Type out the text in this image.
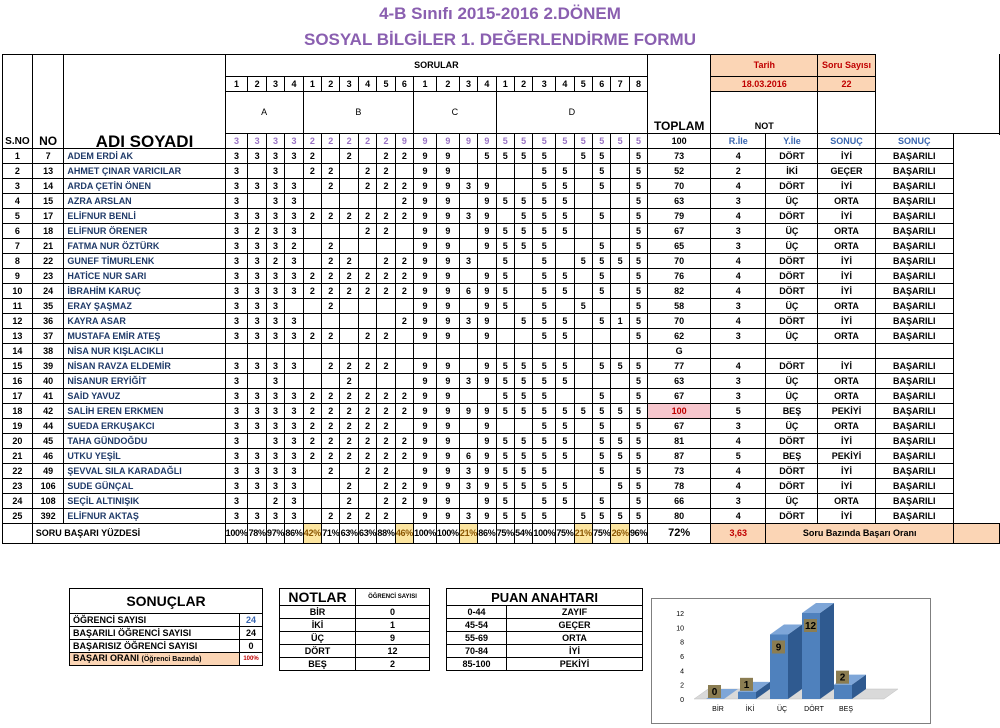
4-B Sınıfı 2015-2016 2.DÖNEM
SOSYAL BİLGİLER 1. DEĞERLENDİRME FORMU
S.NO	NO	ADI SOYADI	SORULAR																						TOPLAM	Tarih		Soru Sayısı		
			1	2	3	4	1	2	3	4	5	6	1	2	3	4	1	2	3	4	5	6	7	8		18.03.2016		22		
			A				B						C				D									NOT				

			3	3	3	3	2	2	2	2	2	9	9	9	9	9	5	5	5	5	5	5	5	5	100	R.İle	Y.İle	SONUÇ	SONUÇ	
1	7	ADEM ERDİ AK	3	3	3	3	2		2		2	2	9	9		5	5	5	5		5	5		5	73	4	DÖRT	İYİ	BAŞARILI	
2	13	AHMET ÇINAR VARICILAR	3		3		2	2		2	2		9	9					5	5		5		5	52	2	İKİ	GEÇER	BAŞARILI	
3	14	ARDA ÇETİN ÖNEN	3	3	3	3		2		2	2	2	9	9	3	9			5	5		5		5	70	4	DÖRT	İYİ	BAŞARILI	
4	15	AZRA ARSLAN	3		3	3						2	9	9		9	5	5	5	5				5	63	3	ÜÇ	ORTA	BAŞARILI	
5	17	ELİFNUR BENLİ	3	3	3	3	2	2	2	2	2	2	9	9	3	9		5	5	5		5		5	79	4	DÖRT	İYİ	BAŞARILI	
6	18	ELİFNUR ÖRENER	3	2	3	3				2	2		9	9		9	5	5	5	5				5	67	3	ÜÇ	ORTA	BAŞARILI	
7	21	FATMA NUR ÖZTÜRK	3	3	3	2		2					9	9		9	5	5	5			5		5	65	3	ÜÇ	ORTA	BAŞARILI	
8	22	GUNEF TİMURLENK	3	3	2	3		2	2		2	2	9	9	3		5		5		5	5	5	5	70	4	DÖRT	İYİ	BAŞARILI	
9	23	HATİCE NUR SARI	3	3	3	3	2	2	2	2	2	2	9	9		9	5		5	5		5		5	76	4	DÖRT	İYİ	BAŞARILI	
10	24	İBRAHİM KARUÇ	3	3	3	3	2	2	2	2	2	2	9	9	6	9	5		5	5		5		5	82	4	DÖRT	İYİ	BAŞARILI	
11	35	ERAY ŞAŞMAZ	3	3	3			2					9	9		9	5		5		5			5	58	3	ÜÇ	ORTA	BAŞARILI	
12	36	KAYRA ASAR	3	3	3	3						2	9	9	3	9		5	5	5		5	1	5	70	4	DÖRT	İYİ	BAŞARILI	
13	37	MUSTAFA EMİR ATEŞ	3	3	3	3	2	2		2	2		9	9		9			5	5				5	62	3	ÜÇ	ORTA	BAŞARILI	
14	38	NİSA NUR KIŞLACIKLI																							G					
15	39	NİSAN RAVZA ELDEMİR	3	3	3	3		2	2	2	2		9	9		9	5	5	5	5		5	5	5	77	4	DÖRT	İYİ	BAŞARILI	
16	40	NİSANUR ERYİĞİT	3		3				2				9	9	3	9	5	5	5	5				5	63	3	ÜÇ	ORTA	BAŞARILI	
17	41	SAİD YAVUZ	3	3	3	3	2	2	2	2	2	2	9	9			5	5	5			5		5	67	3	ÜÇ	ORTA	BAŞARILI	
18	42	SALİH EREN ERKMEN	3	3	3	3	2	2	2	2	2	2	9	9	9	9	5	5	5	5	5	5	5	5	100	5	BEŞ	PEKİYİ	BAŞARILI	
19	44	SUEDA ERKUŞAKCI	3	3	3	3	2	2	2	2	2		9	9		9			5	5		5		5	67	3	ÜÇ	ORTA	BAŞARILI	
20	45	TAHA GÜNDOĞDU	3		3	3	2	2	2	2	2	2	9	9		9	5	5	5	5		5	5	5	81	4	DÖRT	İYİ	BAŞARILI	
21	46	UTKU YEŞİL	3	3	3	3	2	2	2	2	2	2	9	9	6	9	5	5	5	5		5	5	5	87	5	BEŞ	PEKİYİ	BAŞARILI	
22	49	ŞEVVAL SILA KARADAĞLI	3	3	3	3		2		2	2		9	9	3	9	5	5	5			5		5	73	4	DÖRT	İYİ	BAŞARILI	
23	106	SUDE GÜNÇAL	3	3	3	3			2		2	2	9	9	3	9	5	5	5	5			5	5	78	4	DÖRT	İYİ	BAŞARILI	
24	108	SEÇİL ALTINIŞIK	3		2	3			2		2	2	9	9		9	5		5	5		5		5	66	3	ÜÇ	ORTA	BAŞARILI	
25	392	ELİFNUR AKTAŞ	3	3	3	3		2	2	2	2		9	9	3	9	5	5	5		5	5	5	5	80	4	DÖRT	İYİ	BAŞARILI	
	SORU BAŞARI YÜZDESİ		100%	78%	97%	86%	42%	71%	63%	63%	88%	46%	100%	100%	21%	86%	75%	54%	100%	75%	21%	75%	26%	96%	72%	3,63	Soru Bazında Başarı Oranı			
SONUÇLAR	
ÖĞRENCİ SAYISI	24
BAŞARILI ÖĞRENCİ SAYISI	24
BAŞARISIZ ÖĞRENCİ SAYISI	0
BAŞARI ORANI (Öğrenci Bazında)	100%
NOTLAR	ÖĞRENCİ SAYISI
BİR	0
İKİ	1
ÜÇ	9
DÖRT	12
BEŞ	2
PUAN ANAHTARI	
0-44	ZAYIF
45-54	GEÇER
55-69	ORTA
70-84	İYİ
85-100	PEKİYİ
0
2
4
6
8
10
12
0
BİR
1
İKİ
9
ÜÇ
12
DÖRT
2
BEŞ
